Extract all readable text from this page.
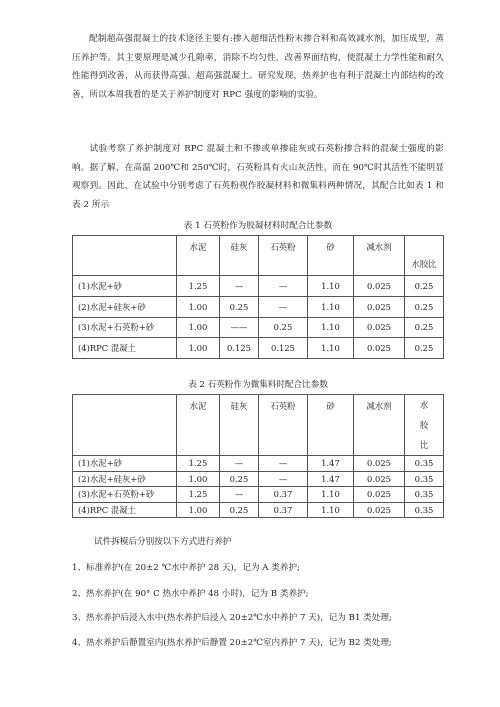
配制超高强混凝土的技术途径主要有:掺入超细活性粉末掺合料和高效减水剂，加压成型，蒸压养护等。其主要原理是减少孔隙率，消除不均匀性，改善界面结构，使混凝土力学性能和耐久性能得到改善，从而获得高强、超高强混凝土。研究发现，热养护也有利于混凝土内部结构的改善，所以本周我看的是关于养护制度对 RPC 强度的影响的实验。
试验考察了养护制度对 RPC 混凝土和不掺或单掺硅灰或石英粉掺合料的混凝土强度的影响。据了解，在高温 200℃和 250℃时，石英粉具有火山灰活性，而在 90℃时其活性不能明显观察到。因此，在试验中分别考虑了石英粉视作胶凝材料和微集料两种情况，其配合比如表 1 和表 2 所示
表 1 石英粉作为胶凝材料时配合比参数
	水泥	硅灰	石英粉	砂	减水剂	水胶比
(1)水泥+砂	1.25	—	—	1.10	0.025	0.25
(2)水泥+硅灰+砂	1.00	0.25	—	1.10	0.025	0.25
(3)水泥+石英粉+砂	1.00	——	0.25	1.10	0.025	0.25
(4)RPC 混凝土	1.00	0.125	0.125	1.10	0.025	0.25
表 2 石英粉作为微集料时配合比参数
	水泥	硅灰	石英粉	砂	减水剂	水胶比
(1)水泥+砂	1.25	—	—	1.47	0.025	0.35
(2)水泥+硅灰+砂	1.00	0.25	—	1.47	0.025	0.35
(3)水泥+石英粉+砂	1.25	—	0.37	1.10	0.025	0.35
(4)RPC 混凝土	1.00	0.25	0.37	1.10	0.025	0.35
试件拆模后分别按以下方式进行养护
1、标准养护(在 20±2 ℃水中养护 28 天)，记为 A 类养护;
2、热水养护(在 90° C 热水中养护 48 小时)，记为 B 类养护;
3、热水养护后浸入水中(热水养护后浸入 20±2℃水中养护 7 天)，记为 B1 类处理;
4、热水养护后静置室内(热水养护后静置 20±2℃室内养护 7 天)，记为 B2 类处理;
